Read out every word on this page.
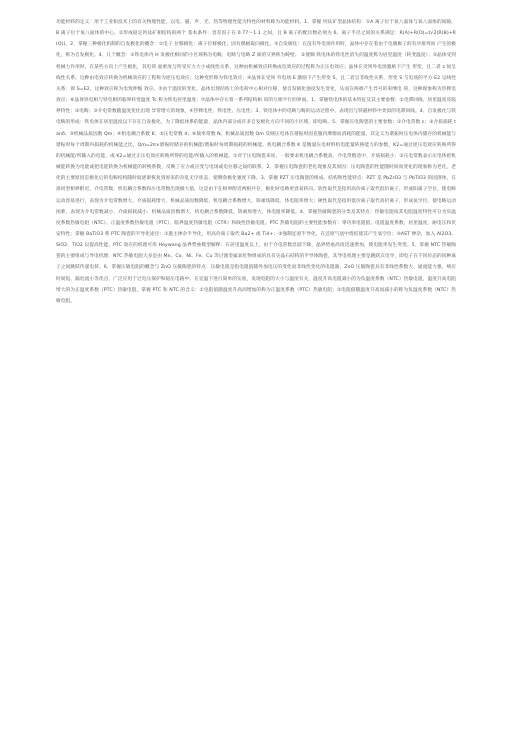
功能材料的定义：用于工业和技术上的有关物理性能，以电、磁、声、光、热等物理性能为特性的材料称为功能材料。1、掌握 钙钛矿型晶体结构：①A 离子位于氧八面体与氧八面体的间隙，B 离子位于氧八面体的中心。②形成稳定钙钛矿相结构的两个 基本条件：容差因子在 0.77～1.1 之间，且 B 离子的配位数必须为 6。离子半径之间的关系满足：R(A)+R(O)=t√2(R(B)+R(O))。2、掌握三种极化机制的自发极化的概念：①电子 位移极化：离子位移极化；固有偶极取向极化。③自发极化：在没有外电场作用时，晶体中存在着由于电偶极子的有序排列而 产生的极化，称为自发极化。4、几个概念：①铁电体内 H 发极化相同的小区域称为电畴，电畴与电畴 Z 间的交界称为畴壁； ②使顺 铁电体的铁电性消失的温度称为居里温度（转变温度）；③晶体受到机械力作用时，在某些方向上产生极化，其电荷 面密度与所受应力大小成线性关系，这种由机械效应转换成电效应的过程称为正压电效应；晶体在受到外电场激励下产生 形变，且二者 z 间呈线性关系，这种由电效应转换为机械效应的工程称为逆压电效应；这种变形称为铁电效应；④晶体在受到 外电场 E 激励下产生形变 S，且二者呈非线性关系，形变 S 与电场的平方 E2 呈线性关系：即 S=E2。这种效应称为电致伸缩 效应。⑤由于温度的变化，晶体出现结构上的电荷中心相对位移，使自发极化强度发生变化，从而在两端产生异号的束缚电 荷，这种现象称为热释电效应；⑥晶体铁电相与铁电相的临界转变温度 Tc 称为铁电居里温度；⑦晶体中存在着一系列结构相 同的互相平行的界面。1、掌握铁电体的基本特征及其主要参数：①电滞回线、居里温度及临界特性；②电畴；③介电常数随温度变化出现 异常增大的现象，④热释电性、铁电性、压电性；3、铁电体中的电畴与畴的运动过程中，表现出与铁磁材料中类似的电滞回线。4、自发极化与铁电畴的形成：铁电体在居里温度以下存在自发极化，为了降低体系的能量，晶体内部分成许多自发极化方向不同的小区域，即电畴。5、掌握压电陶瓷的主要参数：①介电常数 ε；②介质损耗 tanδ；③机械品质因数 Qm；④机电耦合系数 K；⑤压电常数 d；⑥频率常数 N。机械品质因数 Qm 反映压电体在谐振时因克服内摩擦而消耗的能量，其定义为谐振时压电体内储存的机械能与谐振时每个周期内损耗的机械能之比，Qm=2π×谐振时储存的机械能/谐振时每周期损耗的机械能。机电耦合系数 K 是衡量压电材料机电能量转换能力的参数，K2=通过逆压电效应转换所得的机械能/所输入的电能，或 K2=通过正压电效应转换所得的电能/所输入的机械能。①对于压电陶瓷来说，一般要求机电耦合系数高、介电常数适中、介质损耗小；②压电常数表示压电体把机械能转换为电能或把电能转换为机械能的转换系数，反映了应力或应变与电场或电位移之间的联系。2、掌握压电陶瓷的老化现象及其原因：压电陶瓷的性能随时间而变化的现象称为老化，老化的主要原因是极化后的电畴结构随时间逐渐恢复到原来的杂乱无序状态，使剩余极化强度下降。3、掌握 PZT 压电陶瓷的组成、结构和性能特点：PZT 是 PbZrO3 与 PbTiO3 的固溶体，在准同型相界附近，介电常数、机电耦合系数和压电常数出现极大值，这是由于在相界附近两相共存，极化时电畴更容易转向。软性取代是指用高价离子取代低价离子，形成阳离子空位，使电畴运动容易进行，表现为介电常数增大、介质损耗增大、机械品质因数降低、机电耦合系数增大、矫顽场降低、体电阻率增大；硬性取代是指用低价离子取代高价离子，形成氧空位，使电畴运动困难，表现为介电常数减小、介质损耗减小、机械品质因数增大、机电耦合系数降低、矫顽场增大、体电阻率降低。4、掌握热敏陶瓷的分类及其特点：热敏电阻按其电阻温度特性可分为负温度系数热敏电阻（NTC）、正温度系数热敏电阻（PTC）、临界温度热敏电阻（CTR）和线性热敏电阻。PTC 热敏电阻的主要性能参数有：零功率电阻值、电阻温度系数、居里温度、耐电压和伏安特性；掌握 BaTiO3 系 PTC 陶瓷的半导化途径：①施主掺杂半导化，用高价离子取代 Ba2+ 或 Ti4+；②强制还原半导化，在还原气氛中烧结使其产生氧空位；③AST 掺杂，加入 Al2O3、SiO2、TiO2 以提高性能。PTC 效应的机理可用 Heywang 晶界势垒模型解释：在居里温度以上，由于介电常数急剧下降，晶界势垒高度迅速增加，使电阻率发生突变。5、掌握 NTC 热敏陶瓷的主要组成与导电机理：NTC 热敏电阻大多是由 Mn、Co、Ni、Fe、Cu 等过渡金属氧化物组成的具有尖晶石结构的半导体陶瓷，其导电机理主要是跳跃式电导，即电子在不同价态的同种离子之间跳跃传递电荷。6、掌握压敏电阻的概念与 ZnO 压敏陶瓷的特点：压敏电阻是指电阻值随外加电压的变化而非线性变化的电阻器，ZnO 压敏陶瓷具有非线性系数大、通流能力强、响应时间短、漏电流小等优点，广泛应用于过电压保护和稳压电路中。在室温下进行简单的实验，发现电阻的大小与温度有关，温度升高电阻减小的为负温度系数（NTC）热敏电阻，温度升高电阻增大的为正温度系数（PTC）热敏电阻，掌握 PTC 和 NTC 的含义：①电阻值随温度升高而增加的称为正温度系数（PTC）热敏电阻；②电阻值随温度升高而减小的称为负温度系数（NTC）热敏电阻。
